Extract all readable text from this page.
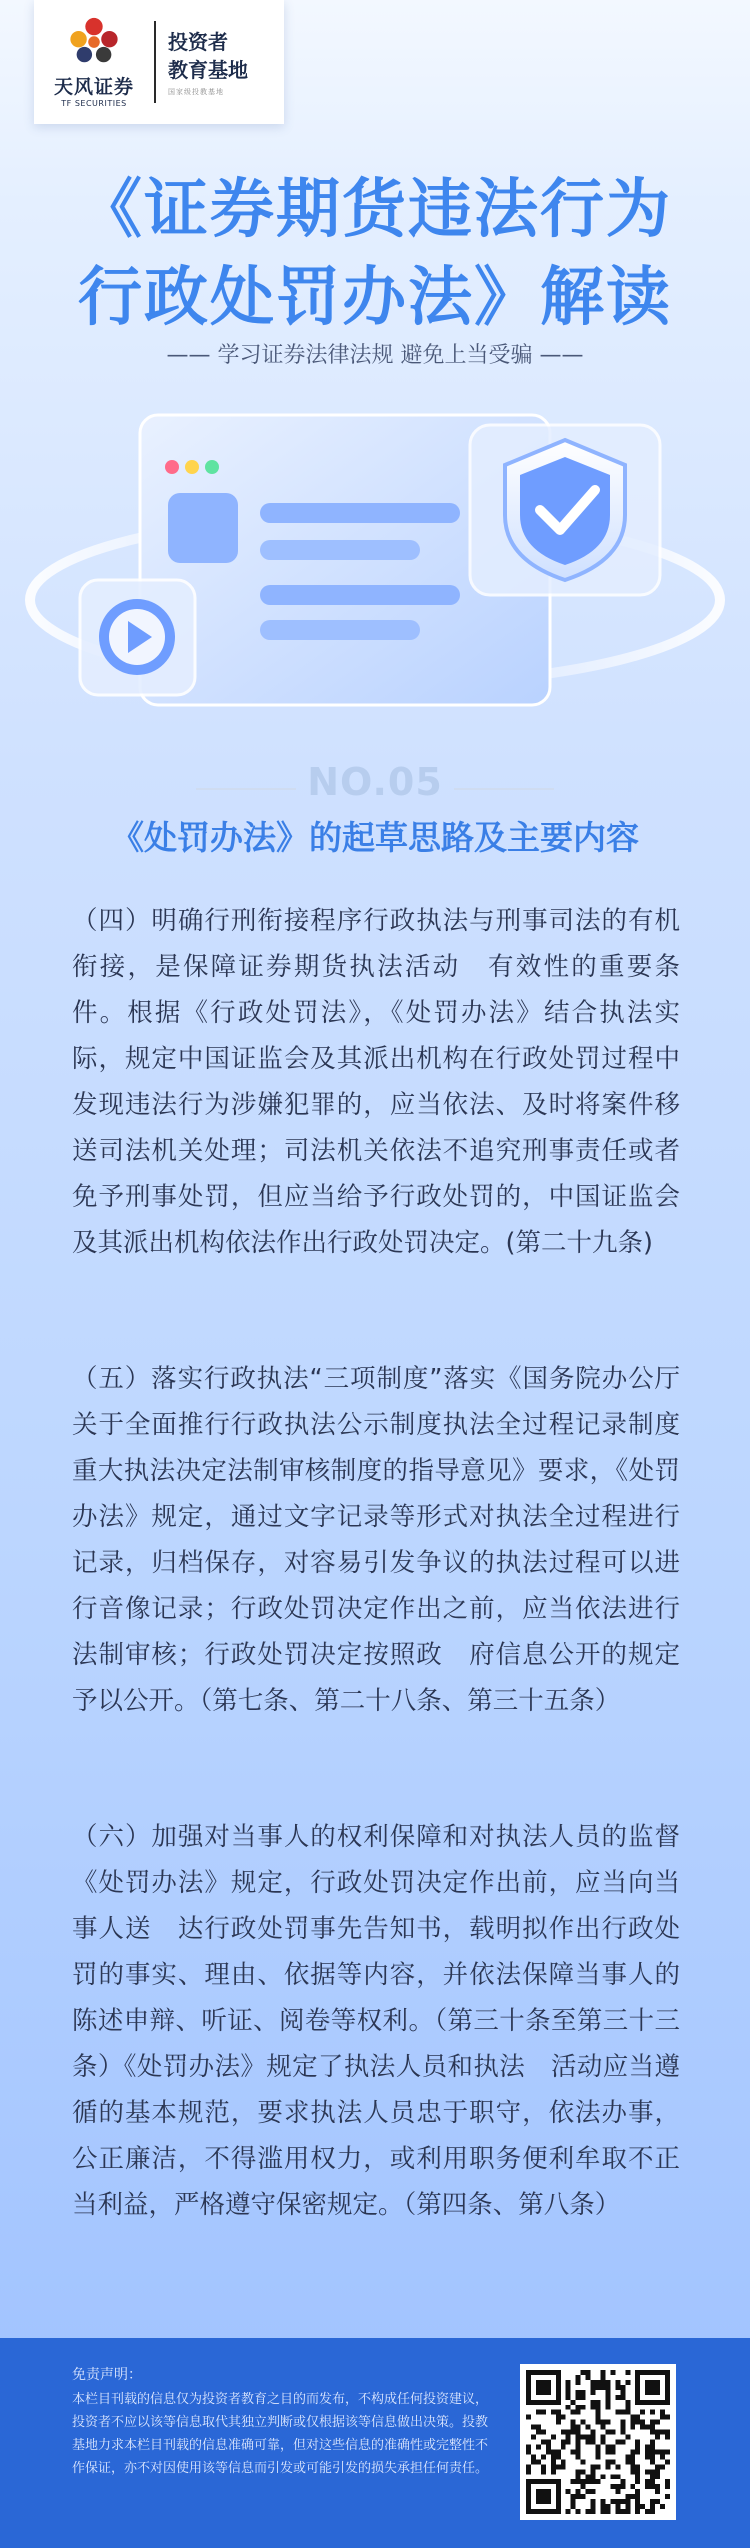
天风证券
TF SECURITIES
投资者
教育基地
国家级投教基地
《证券期货违法行为
行政处罚办法》解读
—— 学习证券法律法规 避免上当受骗 ——
NO.05
《处罚办法》的起草思路及主要内容
（四）明确行刑衔接程序行政执法与刑事司法的有机衔接，是保障证券期货执法活动　有效性的重要条件。根据《行政处罚法》，《处罚办法》结合执法实际，规定中国证监会及其派出机构在行政处罚过程中发现违法行为涉嫌犯罪的，应当依法、及时将案件移送司法机关处理；司法机关依法不追究刑事责任或者免予刑事处罚，但应当给予行政处罚的，中国证监会及其派出机构依法作出行政处罚决定。(第二十九条)
（五）落实行政执法“三项制度”落实《国务院办公厅关于全面推行行政执法公示制度执法全过程记录制度重大执法决定法制审核制度的指导意见》要求，《处罚办法》规定，通过文字记录等形式对执法全过程进行记录，归档保存，对容易引发争议的执法过程可以进行音像记录；行政处罚决定作出之前，应当依法进行法制审核；行政处罚决定按照政　府信息公开的规定予以公开。（第七条、第二十八条、第三十五条）
（六）加强对当事人的权利保障和对执法人员的监督《处罚办法》规定，行政处罚决定作出前，应当向当事人送　达行政处罚事先告知书，载明拟作出行政处罚的事实、理由、依据等内容，并依法保障当事人的陈述申辩、听证、阅卷等权利。（第三十条至第三十三条）《处罚办法》规定了执法人员和执法　活动应当遵循的基本规范，要求执法人员忠于职守，依法办事，公正廉洁，不得滥用权力，或利用职务便利牟取不正当利益，严格遵守保密规定。（第四条、第八条）
免责声明：
本栏目刊载的信息仅为投资者教育之目的而发布，不构成任何投资建议，投资者不应以该等信息取代其独立判断或仅根据该等信息做出决策。投教基地力求本栏目刊载的信息准确可靠，但对这些信息的准确性或完整性不作保证，亦不对因使用该等信息而引发或可能引发的损失承担任何责任。
